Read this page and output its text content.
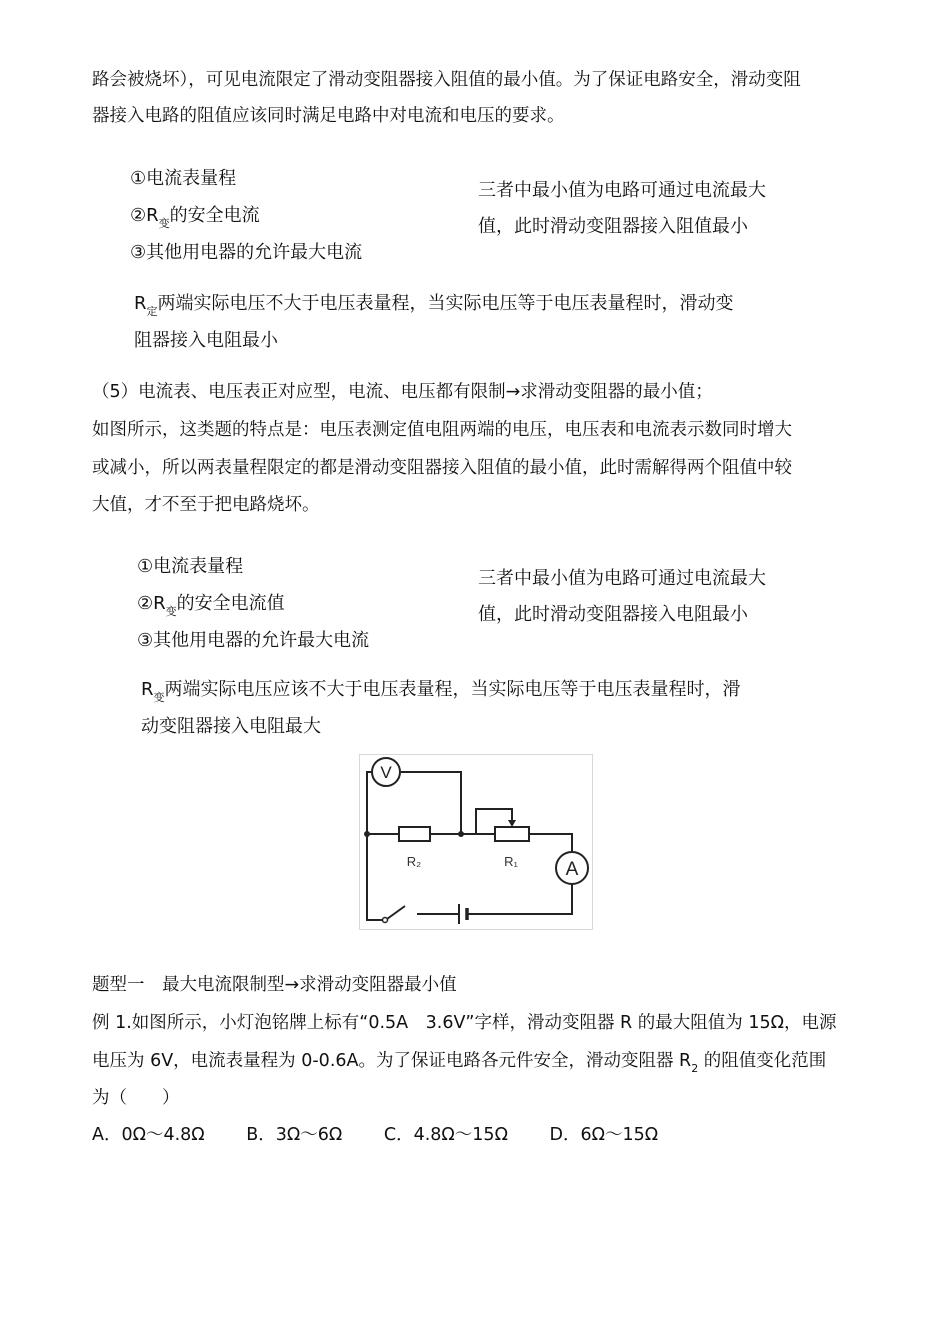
路会被烧坏），可见电流限定了滑动变阻器接入阻值的最小值。为了保证电路安全，滑动变阻
器接入电路的阻值应该同时满足电路中对电流和电压的要求。
①电流表量程
$②R_变$的安全电流
③其他用电器的允许最大电流
三者中最小值为电路可通过电流最大
值，此时滑动变阻器接入阻值最小
$R_定$两端实际电压不大于电压表量程，当实际电压等于电压表量程时，滑动变
阻器接入电阻最小
（5）电流表、电压表正对应型，电流、电压都有限制→求滑动变阻器的最小值；
如图所示，这类题的特点是：电压表测定值电阻两端的电压，电压表和电流表示数同时增大
或减小，所以两表量程限定的都是滑动变阻器接入阻值的最小值，此时需解得两个阻值中较
大值，才不至于把电路烧坏。
①电流表量程
$②R_变$的安全电流值
③其他用电器的允许最大电流
三者中最小值为电路可通过电流最大
值，此时滑动变阻器接入电阻最小
$R_变$两端实际电压应该不大于电压表量程，当实际电压等于电压表量程时，滑
动变阻器接入电阻最大
V
A
R₂	R₁
题型一　最大电流限制型→求滑动变阻器最小值
例 1.如图所示，小灯泡铭牌上标有“0.5A　3.6V”字样，滑动变阻器 R 的最大阻值为 15Ω，电源
电压为 6V，电流表量程为 0-0.6A。为了保证电路各元件安全，滑动变阻器 $R_2$ 的阻值变化范围
为（　　）
A．0Ω～4.8Ω B．3Ω～6Ω C．4.8Ω～15Ω D．6Ω～15Ω
